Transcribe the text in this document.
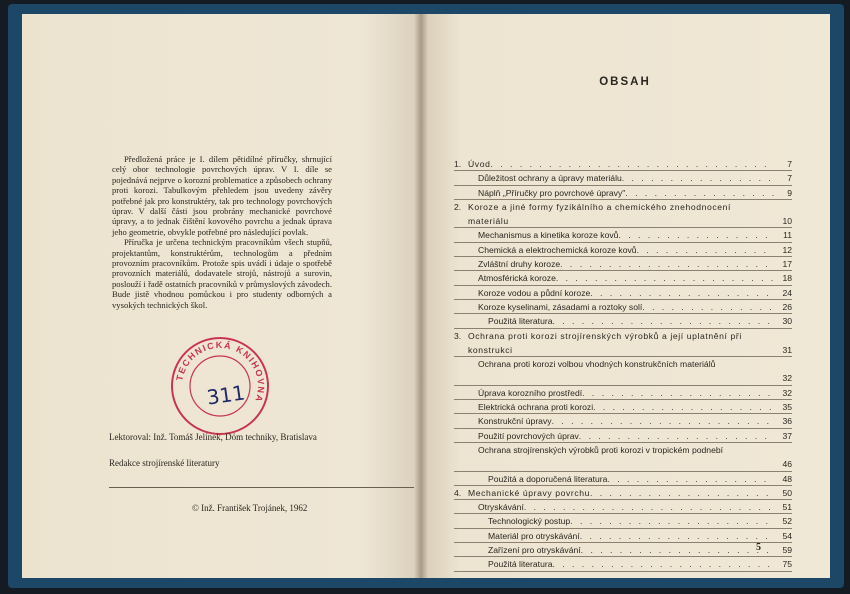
Předložená práce je I. dílem pětidílné příručky, shrnující celý obor technologie povrchových úprav. V I. díle se pojednává nejprve o korozní problematice a způsobech ochrany proti korozi. Tabulkovým přehledem jsou uvedeny závěry potřebné jak pro konstruktéry, tak pro technology povrchových úprav. V další části jsou probrány mechanické povrchové úpravy, a to jednak čištění kovového povrchu a jednak úprava jeho geometrie, obvykle potřebné pro následující povlak.

Příručka je určena technickým pracovníkům všech stupňů, projektantům, konstruktérům, technologům a předním provozním pracovníkům. Protože spis uvádí i údaje o spotřebě provozních materiálů, dodavatele strojů, nástrojů a surovin, poslouží i řadě ostatních pracovníků v průmyslových závodech. Bude jistě vhodnou pomůckou i pro studenty odborných a vysokých technických škol.

TECHNICKÁ KNIHOVNA
311
Lektoroval: Inž. Tomáš Jelínek, Dóm techniky, Bratislava
Redakce strojírenské literatury
© Inž. František Trojánek, 1962
OBSAH
1. Úvod . . .	7
Důležitost ochrany a úpravy materiálu . . .	7
Náplň „Příručky pro povrchové úpravy" . . .	9
2. Koroze a jiné formy fyzikálního a chemického znehodnocení materiálu	10
Mechanismus a kinetika koroze kovů . . .	11
Chemická a elektrochemická koroze kovů . . .	12
Zvláštní druhy koroze . . .	17
Atmosférická koroze . . .	18
Koroze vodou a půdní koroze . . .	24
Koroze kyselinami, zásadami a roztoky solí . . .	26
Použitá literatura . . .	30
3. Ochrana proti korozi strojírenských výrobků a její uplatnění při konstrukci	31
Ochrana proti korozi volbou vhodných konstrukčních materiálů
32
Úprava korozního prostředí . . .	32
Elektrická ochrana proti korozi . . .	35
Konstrukční úpravy . . .	36
Použití povrchových úprav . . .	37
Ochrana strojírenských výrobků proti korozi v tropickém podnebí
46
Použitá a doporučená literatura . . .	48
4. Mechanické úpravy povrchu . . .	50
Otryskávání . . .	51
Technologický postup . . .	52
Materiál pro otryskávání . . .	54
Zařízení pro otryskávání . . .	59
Použitá literatura . . .	75
5
